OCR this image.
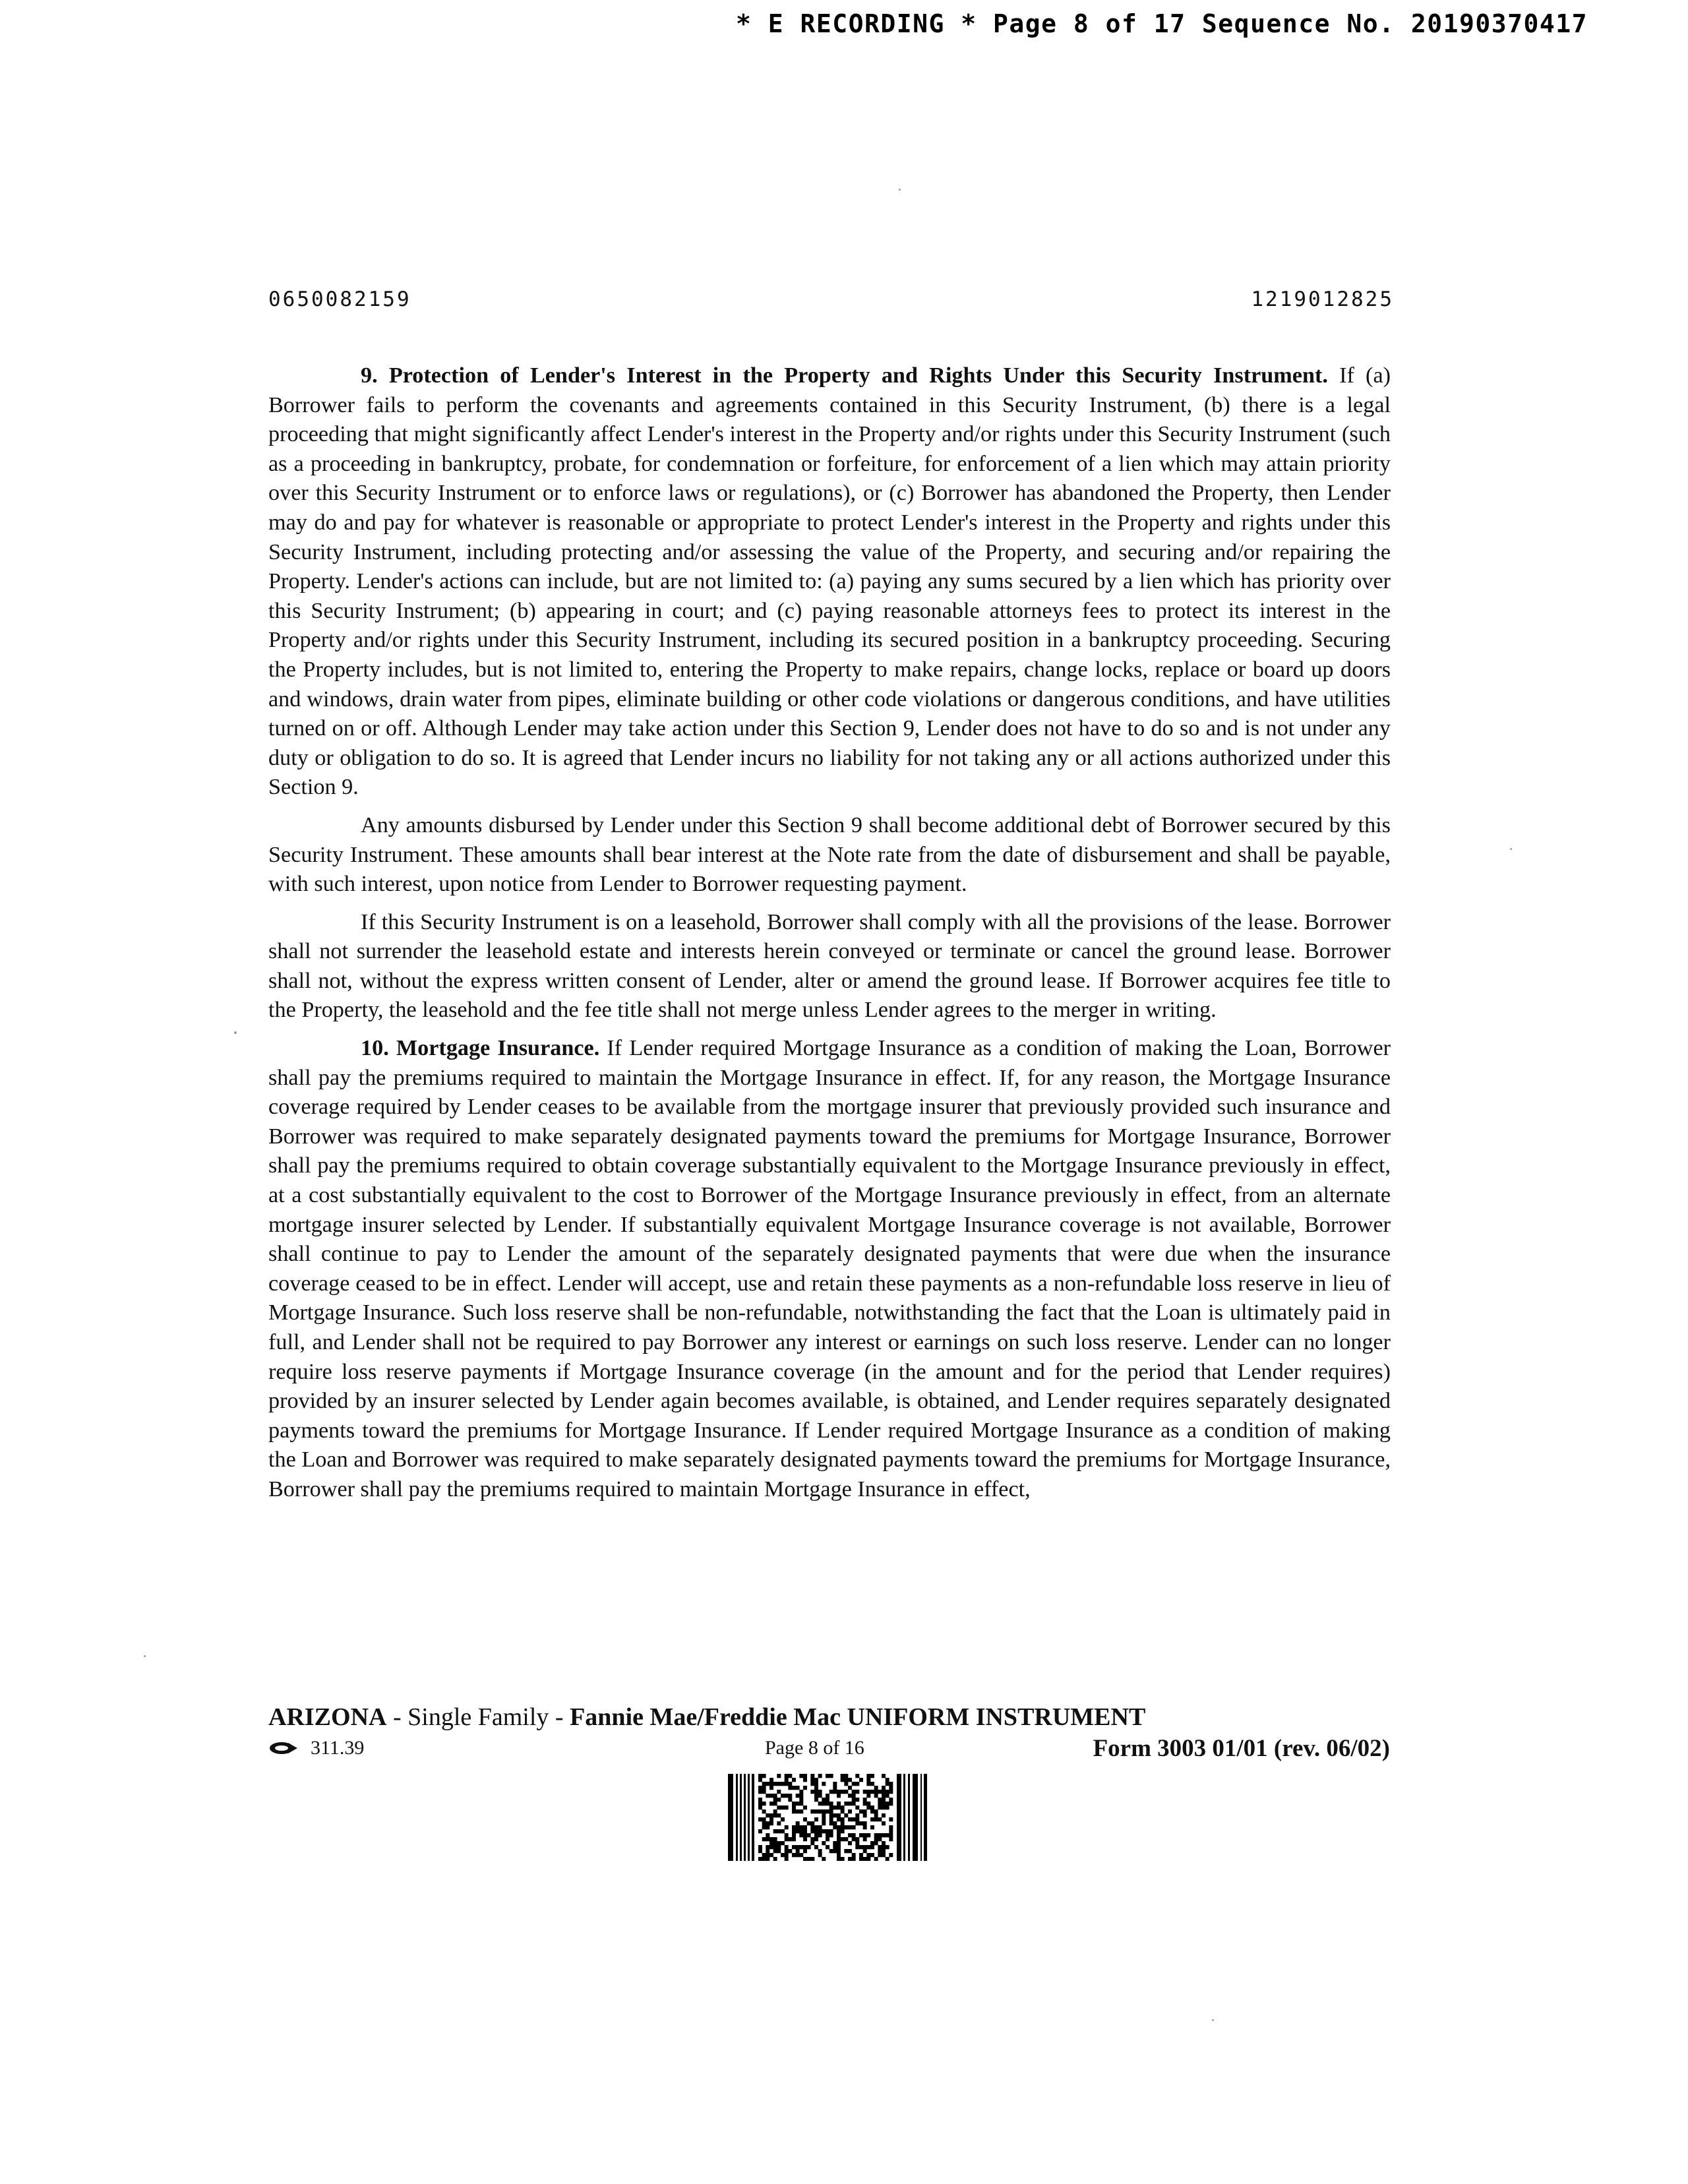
* E RECORDING * Page 8 of 17 Sequence No. 20190370417
0650082159	1219012825

9. Protection of Lender's Interest in the Property and Rights Under this Security Instrument. If (a) Borrower fails to perform the covenants and agreements contained in this Security Instrument, (b) there is a legal proceeding that might significantly affect Lender's interest in the Property and/or rights under this Security Instrument (such as a proceeding in bankruptcy, probate, for condemnation or forfeiture, for enforcement of a lien which may attain priority over this Security Instrument or to enforce laws or regulations), or (c) Borrower has abandoned the Property, then Lender may do and pay for whatever is reasonable or appropriate to protect Lender's interest in the Property and rights under this Security Instrument, including protecting and/or assessing the value of the Property, and securing and/or repairing the Property. Lender's actions can include, but are not limited to: (a) paying any sums secured by a lien which has priority over this Security Instrument; (b) appearing in court; and (c) paying reasonable attorneys fees to protect its interest in the Property and/or rights under this Security Instrument, including its secured position in a bankruptcy proceeding. Securing the Property includes, but is not limited to, entering the Property to make repairs, change locks, replace or board up doors and windows, drain water from pipes, eliminate building or other code violations or dangerous conditions, and have utilities turned on or off. Although Lender may take action under this Section 9, Lender does not have to do so and is not under any duty or obligation to do so. It is agreed that Lender incurs no liability for not taking any or all actions authorized under this Section 9.

Any amounts disbursed by Lender under this Section 9 shall become additional debt of Borrower secured by this Security Instrument. These amounts shall bear interest at the Note rate from the date of disbursement and shall be payable, with such interest, upon notice from Lender to Borrower requesting payment.

If this Security Instrument is on a leasehold, Borrower shall comply with all the provisions of the lease. Borrower shall not surrender the leasehold estate and interests herein conveyed or terminate or cancel the ground lease. Borrower shall not, without the express written consent of Lender, alter or amend the ground lease. If Borrower acquires fee title to the Property, the leasehold and the fee title shall not merge unless Lender agrees to the merger in writing.

10. Mortgage Insurance. If Lender required Mortgage Insurance as a condition of making the Loan, Borrower shall pay the premiums required to maintain the Mortgage Insurance in effect. If, for any reason, the Mortgage Insurance coverage required by Lender ceases to be available from the mortgage insurer that previously provided such insurance and Borrower was required to make separately designated payments toward the premiums for Mortgage Insurance, Borrower shall pay the premiums required to obtain coverage substantially equivalent to the Mortgage Insurance previously in effect, at a cost substantially equivalent to the cost to Borrower of the Mortgage Insurance previously in effect, from an alternate mortgage insurer selected by Lender. If substantially equivalent Mortgage Insurance coverage is not available, Borrower shall continue to pay to Lender the amount of the separately designated payments that were due when the insurance coverage ceased to be in effect. Lender will accept, use and retain these payments as a non-refundable loss reserve in lieu of Mortgage Insurance. Such loss reserve shall be non-refundable, notwithstanding the fact that the Loan is ultimately paid in full, and Lender shall not be required to pay Borrower any interest or earnings on such loss reserve. Lender can no longer require loss reserve payments if Mortgage Insurance coverage (in the amount and for the period that Lender requires) provided by an insurer selected by Lender again becomes available, is obtained, and Lender requires separately designated payments toward the premiums for Mortgage Insurance. If Lender required Mortgage Insurance as a condition of making the Loan and Borrower was required to make separately designated payments toward the premiums for Mortgage Insurance, Borrower shall pay the premiums required to maintain Mortgage Insurance in effect,

ARIZONA - Single Family - Fannie Mae/Freddie Mac UNIFORM INSTRUMENT
311.39	Page 8 of 16	Form 3003 01/01 (rev. 06/02)
